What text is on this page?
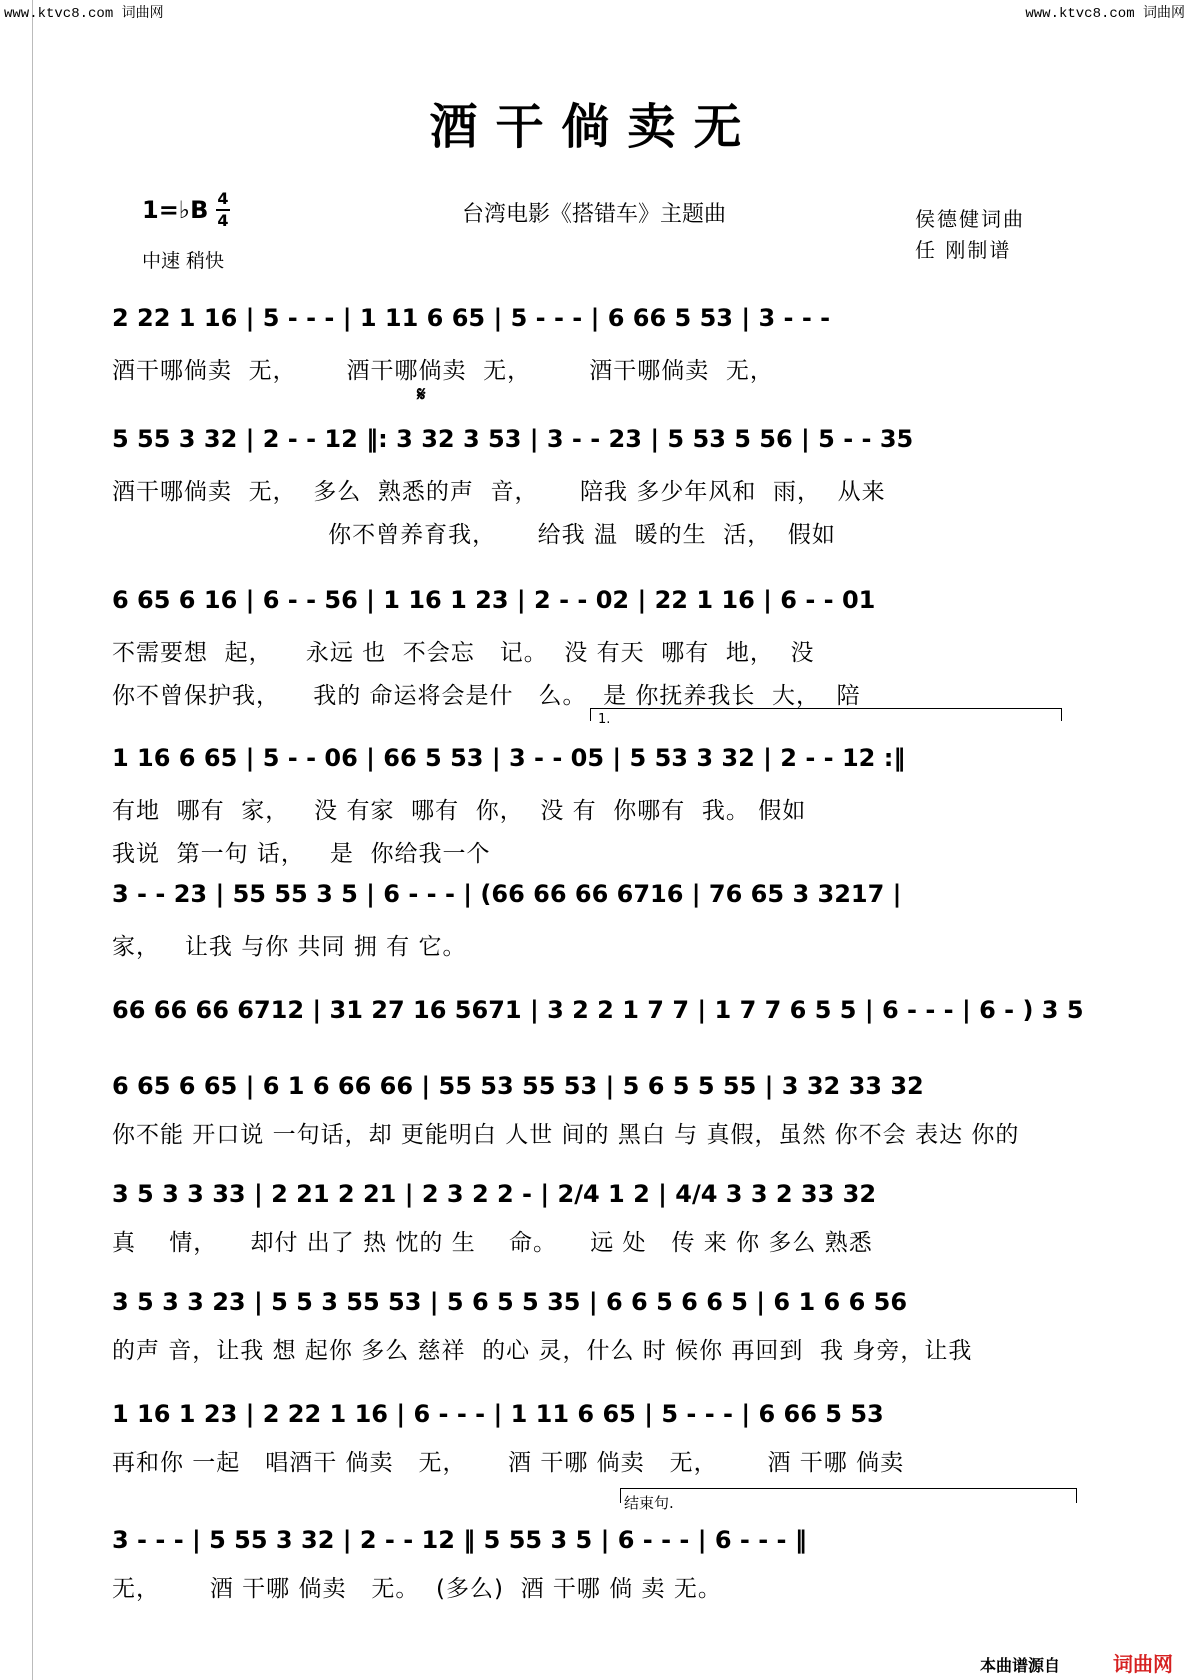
www.ktvc8.com 词曲网	www.ktvc8.com 词曲网
酒干倘卖无
1=♭B 4
4
中速 稍快
台湾电影《搭错车》主题曲	侯德健词曲
任 刚制谱
𝄋
2 22 1 16 | 5 - - - | 1 11 6 65 | 5 - - - | 6 66 5 53 | 3 - - -
酒干哪倘卖  无，      酒干哪倘卖  无，       酒干哪倘卖  无，
5 55 3 32 | 2 - - 12 ‖: 3 32 3 53 | 3 - - 23 | 5 53 5 56 | 5 - - 35
酒干哪倘卖  无，  多么  熟悉的声  音，     陪我 多少年风和  雨，  从来
你不曾养育我，     给我 温  暖的生  活，  假如
6 65 6 16 | 6 - - 56 | 1 16 1 23 | 2 - - 02 | 22 1 16 | 6 - - 01
不需要想  起，    永远 也  不会忘   记。  没 有天  哪有  地，  没
你不曾保护我，    我的 命运将会是什   么。  是 你抚养我长  大，  陪
1.
1 16 6 65 | 5 - - 06 | 66 5 53 | 3 - - 05 | 5 53 3 32 | 2 - - 12 :‖
有地  哪有  家，   没 有家  哪有  你，  没 有  你哪有  我。 假如
我说  第一句 话，   是  你给我一个
3 - - 23 | 55 55 3 5 | 6 - - - | (66 66 66 6716 | 76 65 3 3217 |
家，   让我 与你 共同 拥 有 它。
66 66 66 6712 | 31 27 16 5671 | 3 2 2 1 7 7 | 1 7 7 6 5 5 | 6 - - - | 6 - ) 3 5
6 65 6 65 | 6 1 6 66 66 | 55 53 55 53 | 5 6 5 5 55 | 3 32 33 32
你不能 开口说 一句话，却 更能明白 人世 间的 黑白 与 真假，虽然 你不会 表达 你的
3 5 3 3 33 | 2 21 2 21 | 2 3 2 2 - | 2/4 1 2 | 4/4 3 3 2 33 32
真    情，    却付 出了 热 忱的 生    命。    远 处   传 来 你 多么 熟悉
3 5 3 3 23 | 5 5 3 55 53 | 5 6 5 5 35 | 6 6 5 6 6 5 | 6 1 6 6 56
的声 音，让我 想 起你 多么 慈祥  的心 灵，什么 时 候你 再回到  我 身旁，让我
1 16 1 23 | 2 22 1 16 | 6 - - - | 1 11 6 65 | 5 - - - | 6 66 5 53
再和你 一起   唱酒干 倘卖   无，     酒 干哪 倘卖   无，      酒 干哪 倘卖
结束句.
3 - - - | 5 55 3 32 | 2 - - 12 ‖ 5 55 3 5 | 6 - - - | 6 - - - ‖
无，      酒 干哪 倘卖   无。  (多么)  酒 干哪 倘 卖 无。
本曲谱源自	词曲网
